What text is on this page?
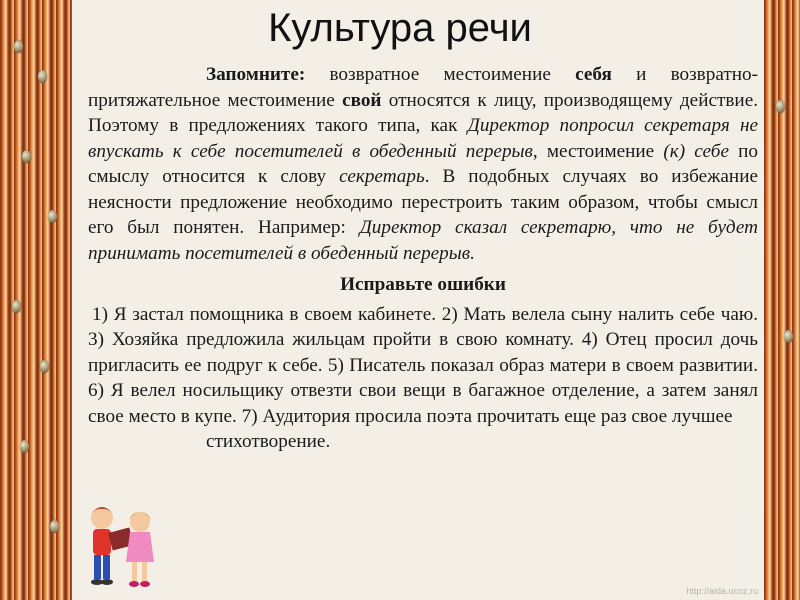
Культура речи

Запомните: возвратное местоимение себя и возвратно-притяжательное местоимение свой относятся к лицу, производящему действие. Поэтому в предложениях такого типа, как Директор попросил секретаря не впускать к себе посетителей в обеденный перерыв, местоимение (к) себе по смыслу относится к слову секретарь. В подобных случаях во избежание неясности предложение необходимо перестроить таким образом, чтобы смысл его был понятен. Например: Директор сказал секретарю, что не будет принимать посетителей в обеденный перерыв.

Исправьте ошибки

1) Я застал помощника в своем кабинете. 2) Мать велела сыну налить себе чаю. 3) Хозяйка предложила жильцам пройти в свою комнату. 4) Отец просил дочь пригласить ее подруг к себе. 5) Писатель показал образ матери в своем развитии. 6) Я велел носильщику отвезти свои вещи в багажное отделение, а затем занял свое место в купе. 7) Аудитория просила поэта прочитать еще раз свое лучшее

стихотворение.

http://aida.ucoz.ru
